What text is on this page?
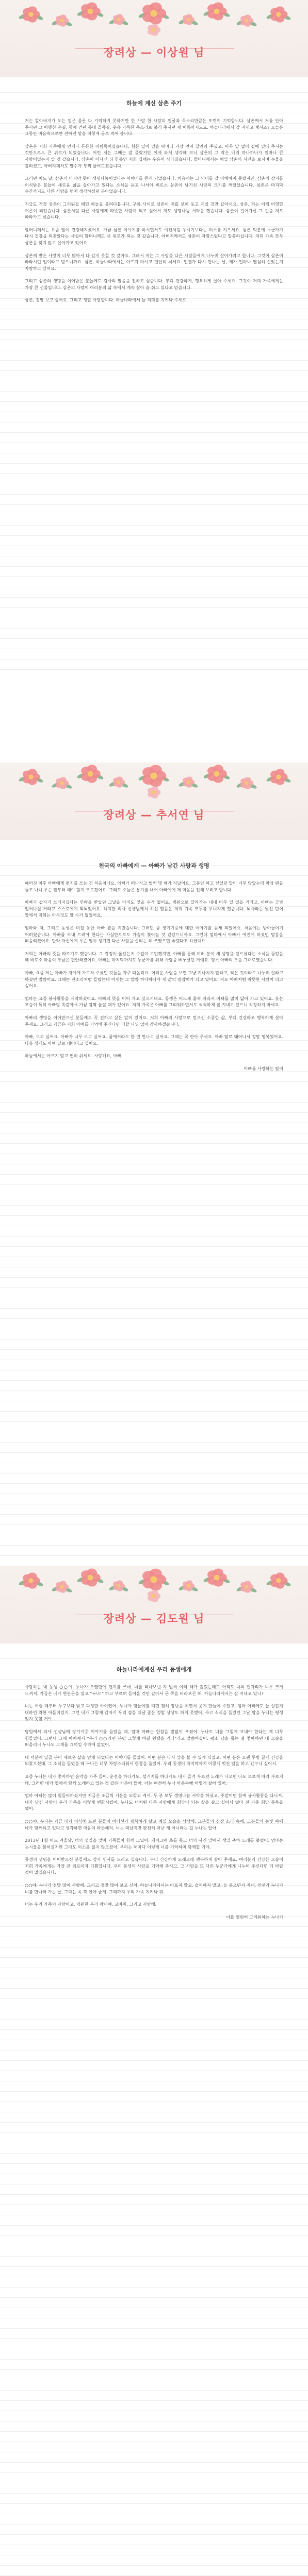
장려상 — 이상원 님
하늘에 계신 삼촌 주기

저는 할아버지가 오는 일은 물론 다 기억하지 못하지만 한 사람 한 사람의 얼굴과 목소리만큼은 또렷이 기억합니다. 삼촌께서 저를 안아 주시던 그 따뜻한 손길, 함께 걷던 동네 골목길, 웃음 가득한 목소리로 불러 주시던 제 이름까지도요. 하늘나라에서 잘 지내고 계시죠? 오늘은 그동안 마음속으로만 전하던 말을 이렇게 글로 적어 봅니다.

삼촌은 저희 가족에게 언제나 든든한 버팀목이셨습니다. 힘든 일이 있을 때마다 가장 먼저 달려와 주셨고, 아무 말 없이 곁에 있어 주시는 것만으로도 큰 위로가 되었습니다. 어린 저는 그때는 잘 몰랐지만 이제 와서 생각해 보니 삼촌의 그 작은 배려 하나하나가 얼마나 큰 사랑이었는지 알 것 같습니다. 삼촌이 떠나신 뒤 한동안 저희 집에는 웃음이 사라졌습니다. 할머니께서는 매일 삼촌의 사진을 보시며 눈물을 흘리셨고, 아버지께서도 말수가 부쩍 줄어드셨습니다.

그러던 어느 날, 삼촌의 마지막 뜻이 생명나눔이었다는 이야기를 듣게 되었습니다. 처음에는 그 의미를 잘 이해하지 못했지만, 삼촌의 장기를 이식받은 분들이 새로운 삶을 살아가고 있다는 소식을 듣고 나서야 비로소 삼촌이 남기신 사랑의 크기를 깨달았습니다. 삼촌은 마지막 순간까지도 다른 사람을 먼저 생각하셨던 분이었습니다.

지금도 가끔 삼촌이 그리워질 때면 하늘을 올려다봅니다. 구름 사이로 삼촌이 저를 보며 웃고 계실 것만 같아서요. 삼촌, 저는 이제 어엿한 어른이 되었습니다. 삼촌처럼 다른 사람에게 따뜻한 사람이 되고 싶어서 저도 생명나눔 서약을 했습니다. 삼촌이 걸어가신 그 길을 저도 따라가고 싶습니다.

할머니께서는 요즘 많이 건강해지셨어요. 가끔 삼촌 이야기를 하시면서도 예전처럼 우시기보다는 미소를 지으세요. 삼촌 덕분에 누군가가 다시 건강을 되찾았다는 사실이 할머니께도 큰 위로가 되는 것 같습니다. 아버지께서도 삼촌이 자랑스럽다고 말씀하십니다. 저희 가족 모두 삼촌을 잊지 않고 살아가고 있어요.

삼촌께 받은 사랑이 너무 많아서 다 갚지 못할 것 같아요. 그래서 저는 그 사랑을 다른 사람들에게 나누며 살아가려고 합니다. 그것이 삼촌이 바라시던 일이라고 믿으니까요. 삼촌, 하늘나라에서는 아프지 마시고 편안히 쉬세요. 언젠가 다시 만나는 날, 제가 얼마나 열심히 살았는지 자랑하고 싶어요.

그리고 삼촌의 생명을 이어받은 분들께도 감사의 말씀을 전하고 싶습니다. 부디 건강하게, 행복하게 살아 주세요. 그것이 저희 가족에게는 가장 큰 선물입니다. 삼촌의 사랑이 여러분의 삶 속에서 계속 살아 숨 쉬고 있다고 믿습니다.

삼촌, 정말 보고 싶어요. 그리고 정말 사랑합니다. 하늘나라에서 늘 저희를 지켜봐 주세요.

장려상 — 추서연 님
천국의 아빠에게 — 아빠가 남긴 사랑과 생명

헤어진 이후 아빠에게 편지를 쓰는 건 처음이네요. 아빠가 떠나시고 벌써 몇 해가 지났어요. 그동안 하고 싶었던 말이 너무 많았는데 막상 펜을 들고 나니 무슨 말부터 해야 할지 모르겠어요. 그래도 오늘은 용기를 내어 아빠에게 제 마음을 전해 보려고 합니다.

아빠가 갑자기 쓰러지셨다는 연락을 받았던 그날을 아직도 잊을 수가 없어요. 병원으로 달려가는 내내 아무 일 없을 거라고, 아빠는 금방 일어나실 거라고 스스로에게 되뇌었어요. 하지만 의사 선생님께서 하신 말씀은 저희 가족 모두를 무너지게 했습니다. 뇌사라는 낯선 단어 앞에서 저희는 아무것도 할 수가 없었어요.

엄마와 저, 그리고 동생은 며칠 동안 아빠 곁을 지켰습니다. 그러던 중 장기기증에 대한 이야기를 듣게 되었어요. 처음에는 받아들이기 어려웠습니다. 아빠를 보내 드려야 한다는 사실만으로도 가슴이 찢어질 것 같았으니까요. 그런데 엄마께서 아빠가 예전에 하셨던 말씀을 떠올리셨어요. 만약 자신에게 무슨 일이 생기면 다른 사람을 살리는 데 쓰였으면 좋겠다고 하셨대요.

저희는 아빠의 뜻을 따르기로 했습니다. 그 결정이 옳았는지 수없이 고민했지만, 아빠를 통해 여러 분이 새 생명을 얻으셨다는 소식을 들었을 때 비로소 마음이 조금은 편안해졌어요. 아빠는 마지막까지도 누군가를 위해 사랑을 베푸셨던 거예요. 평소 아빠의 모습 그대로였습니다.

아빠, 요즘 저는 아빠가 저에게 가르쳐 주셨던 것들을 자주 떠올려요. 어려운 사람을 보면 그냥 지나치지 말라고, 작은 것이라도 나누며 살라고 하셨던 말씀이요. 그때는 잔소리처럼 들렸는데 이제는 그 말씀 하나하나가 제 삶의 길잡이가 되고 있어요. 저도 아빠처럼 따뜻한 사람이 되고 싶어요.

엄마는 요즘 봉사활동을 시작하셨어요. 아빠의 뜻을 이어 가고 싶으시대요. 동생은 어느새 훌쩍 자라서 아빠를 많이 닮아 가고 있어요. 웃는 모습이 특히 아빠랑 똑같아서 가끔 깜짝 놀랄 때가 있어요. 저희 가족은 아빠를 그리워하면서도 씩씩하게 잘 지내고 있으니 걱정하지 마세요.

아빠의 생명을 이어받으신 분들께도 꼭 전하고 싶은 말이 있어요. 저희 아빠의 사랑으로 얻으신 소중한 삶, 부디 건강하고 행복하게 살아 주세요. 그리고 가끔은 저희 아빠를 기억해 주신다면 더할 나위 없이 감사하겠습니다.

아빠, 보고 싶어요. 아빠가 너무 보고 싶어요. 꿈에서라도 한 번 만나고 싶어요. 그때는 꼭 안아 주세요. 아빠 딸로 태어나서 정말 행복했어요. 다음 생에도 아빠 딸로 태어나고 싶어요.

하늘에서는 아프지 말고 편히 쉬세요. 사랑해요, 아빠.

아빠를 사랑하는 딸이
장려상 — 김도원 님
하늘나라에계신 우리 동생에게

사랑하는 내 동생 ○○야. 누나가 오랜만에 편지를 쓰네. 너를 떠나보낸 지 벌써 여러 해가 흘렀는데도 아직도 너의 빈자리가 너무 크게 느껴져. 가끔은 네가 현관문을 열고 "누나!" 하고 부르며 들어올 것만 같아서 문 쪽을 바라보곤 해. 하늘나라에서는 잘 지내고 있니?

너는 어릴 때부터 누구보다 밝고 다정한 아이였어. 누나가 힘들어할 때면 괜히 장난을 치면서 웃게 만들어 주었고, 엄마 아빠께도 늘 살갑게 대하던 착한 아들이었지. 그런 네가 그렇게 갑자기 우리 곁을 떠날 줄은 정말 상상도 하지 못했어. 사고 소식을 들었던 그날 밤을 누나는 평생 잊지 못할 거야.

병원에서 의사 선생님께 장기기증 이야기를 들었을 때, 엄마 아빠는 한참을 말없이 우셨어. 누나도 너를 그렇게 보내야 한다는 게 너무 힘들었어. 그런데 그때 아빠께서 "우리 ○○라면 분명 그렇게 하길 원했을 거다"라고 말씀하셨어. 평소 남을 돕는 걸 좋아하던 네 모습을 떠올리니 누나도 고개를 끄덕일 수밖에 없었어.

네 덕분에 일곱 분이 새로운 삶을 얻게 되었다는 이야기를 들었어. 어떤 분은 다시 앞을 볼 수 있게 되었고, 어떤 분은 오랜 투병 끝에 건강을 되찾으셨대. 그 소식을 들었을 때 누나는 너무 자랑스러워서 한참을 울었어. 우리 동생이 마지막까지 이렇게 멋진 일을 하고 갔구나 싶어서.

요즘 누나는 네가 좋아하던 음악을 자주 들어. 운전을 하다가도, 설거지를 하다가도 네가 즐겨 부르던 노래가 나오면 나도 모르게 따라 부르게 돼. 그러면 네가 옆에서 함께 노래하고 있는 것 같은 기분이 들어. 너는 여전히 누나 마음속에 이렇게 살아 있어.

엄마 아빠는 많이 힘들어하셨지만 지금은 조금씩 기운을 되찾고 계셔. 두 분 모두 생명나눔 서약을 하셨고, 주말이면 함께 봉사활동을 다니셔. 네가 남긴 사랑이 우리 가족을 이렇게 변화시켰어. 누나도 너처럼 다른 사람에게 희망이 되는 삶을 살고 싶어서 얼마 전 기증 희망 등록을 했어.

○○야, 누나는 가끔 네가 이식해 드린 분들이 어디선가 행복하게 살고 계실 모습을 상상해. 그분들의 심장 소리 속에, 그분들의 눈빛 속에 네가 함께하고 있다고 생각하면 마음이 따뜻해져. 너는 떠났지만 완전히 떠난 게 아니라는 걸 누나는 알아.

2013년 1월 어느 겨울날, 너의 생일을 맞아 가족들이 함께 모였어. 케이크에 초를 꽂고 너의 사진 앞에서 생일 축하 노래를 불렀어. 엄마는 눈시울을 붉히셨지만 그래도 미소를 잃지 않으셨어. 우리는 해마다 이렇게 너를 기억하며 함께할 거야.

동생의 생명을 이어받으신 분들께도 감사 인사를 드리고 싶습니다. 부디 건강하게 오래오래 행복하게 살아 주세요. 여러분의 건강한 모습이 저희 가족에게는 가장 큰 위로이자 기쁨입니다. 우리 동생의 사랑을 기억해 주시고, 그 사랑을 또 다른 누군가에게 나누어 주신다면 더 바랄 것이 없겠습니다.

○○야, 누나가 정말 많이 사랑해. 그리고 정말 많이 보고 싶어. 하늘나라에서는 아프지 말고, 슬퍼하지 말고, 늘 웃으면서 지내. 언젠가 누나가 너를 만나러 가는 날, 그때는 꼭 꽉 안아 줄게. 그때까지 우리 가족 지켜봐 줘.

너는 우리 가족의 자랑이고, 영원한 우리 막내야. 고마워, 그리고 사랑해.

너를 영원히 그리워하는 누나가
